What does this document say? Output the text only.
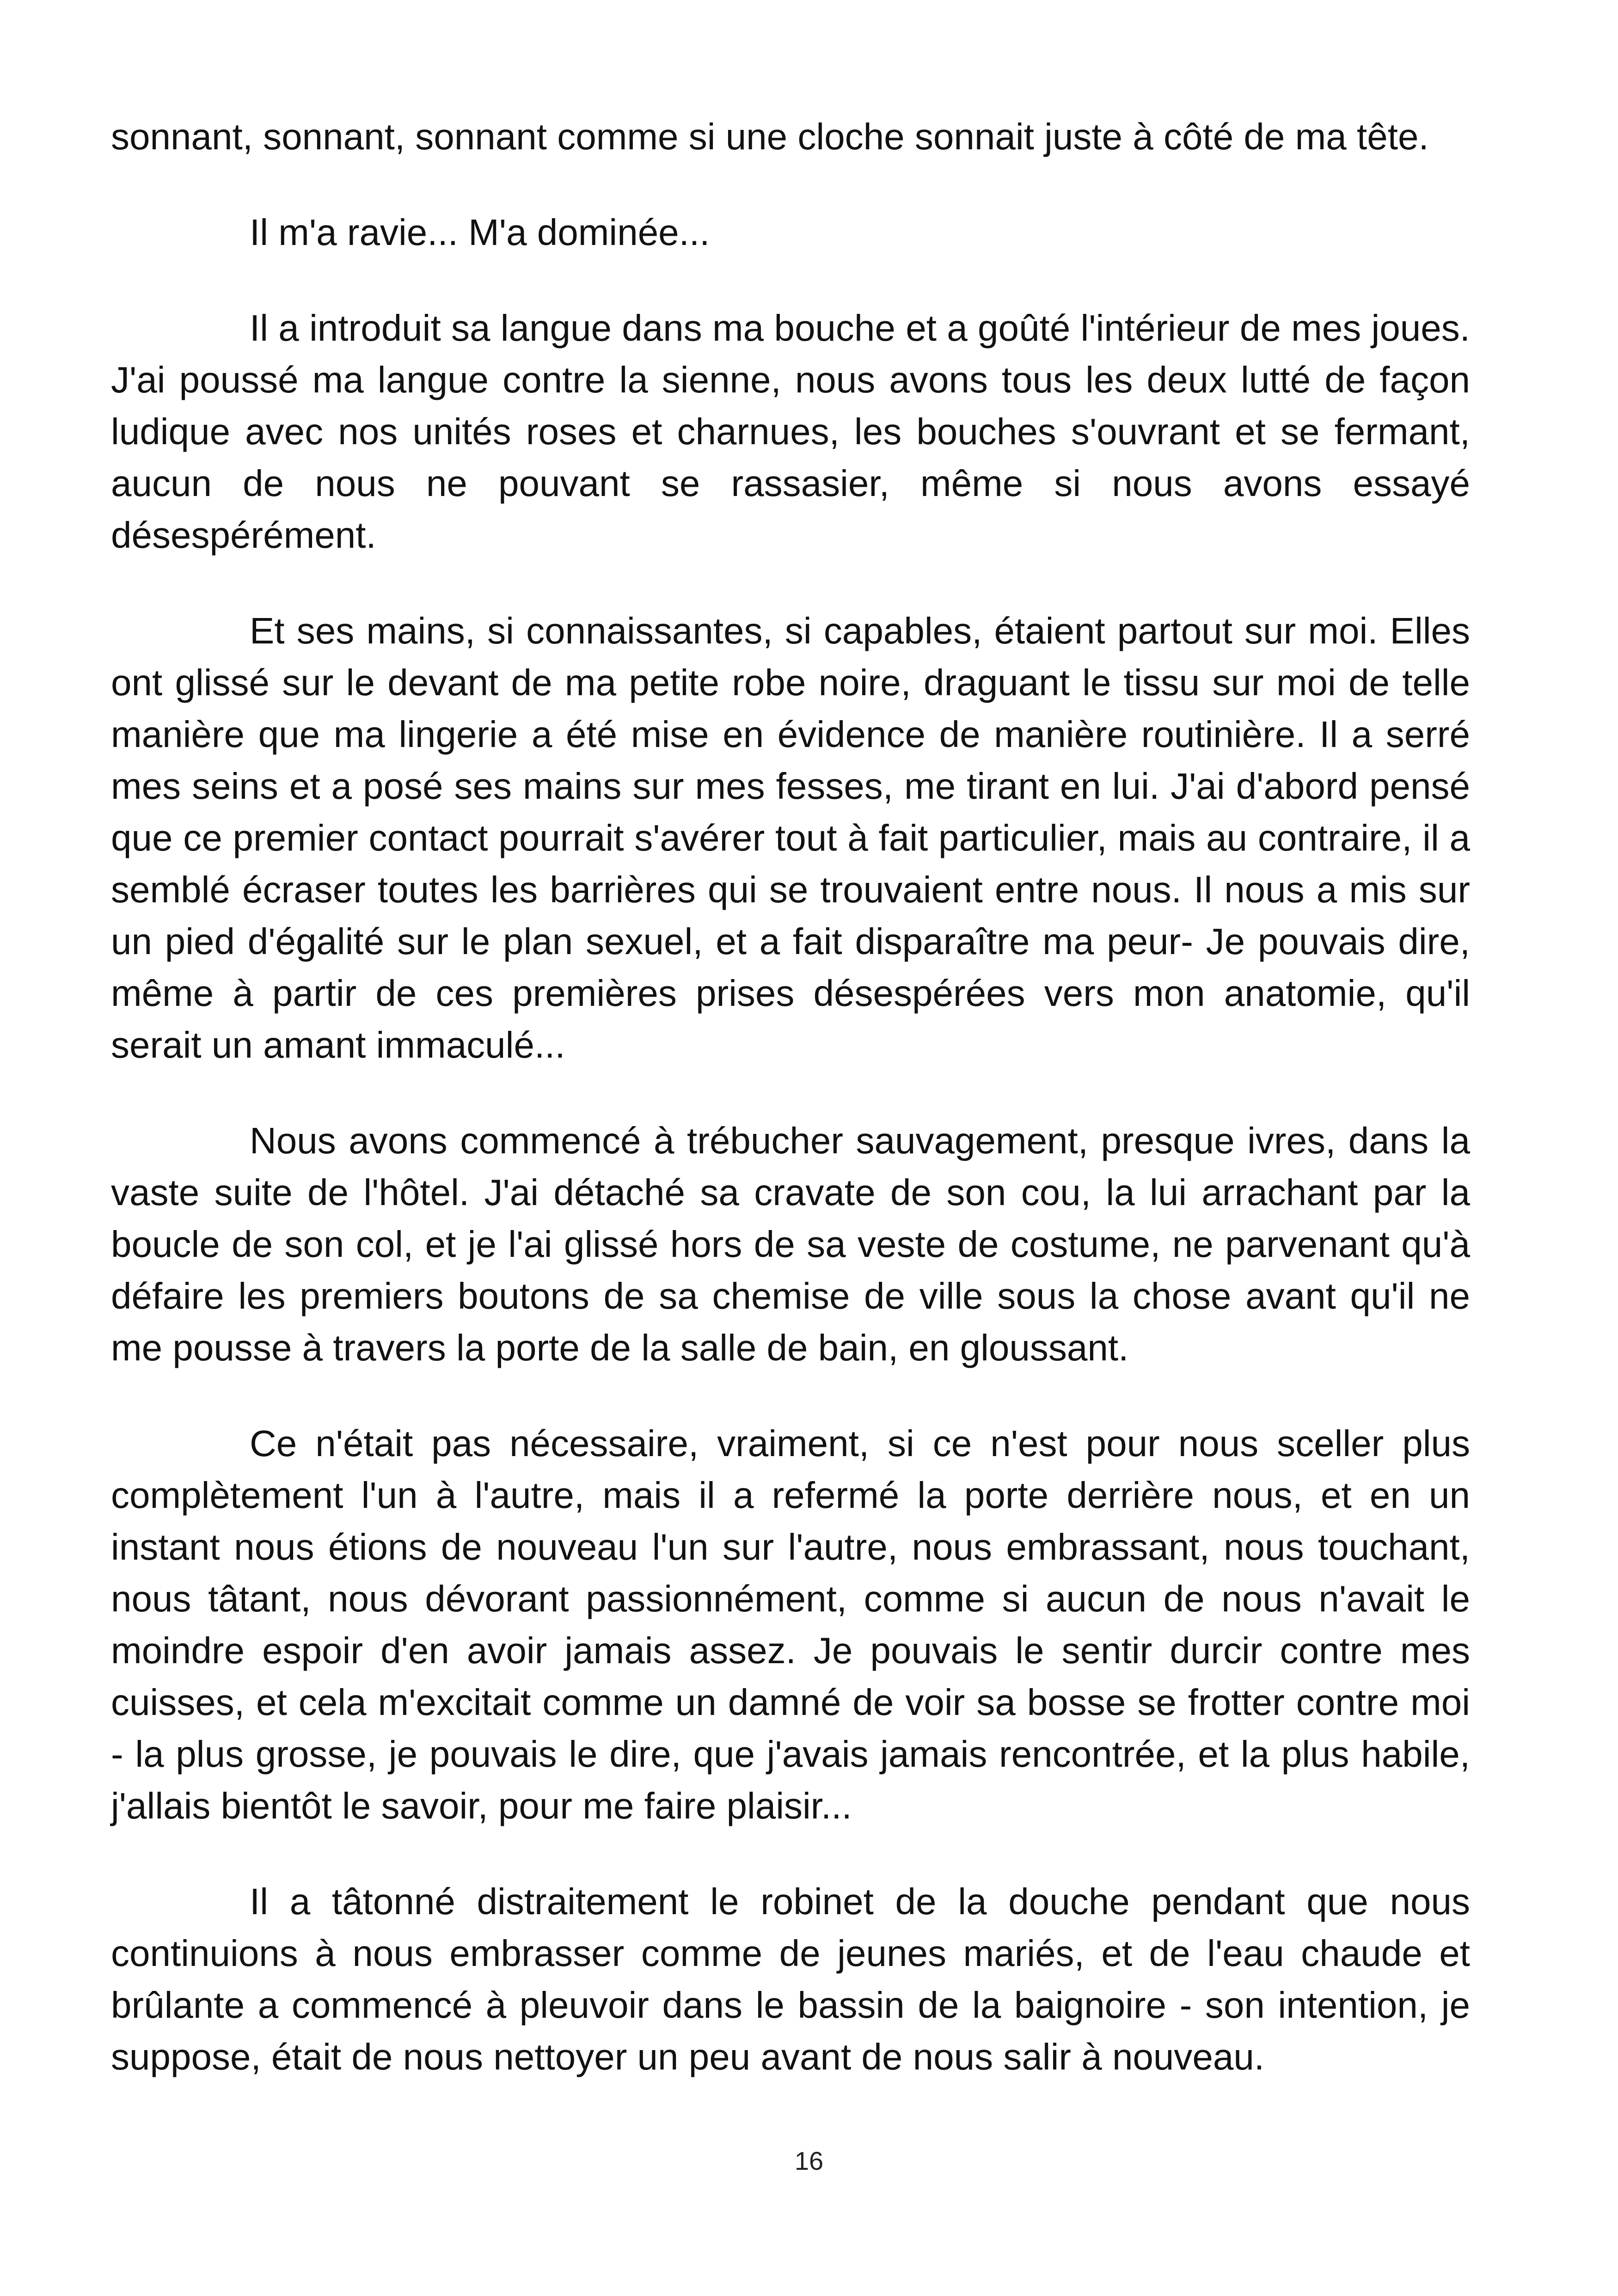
sonnant, sonnant, sonnant comme si une cloche sonnait juste à côté de ma tête.

Il m'a ravie... M'a dominée...

Il a introduit sa langue dans ma bouche et a goûté l'intérieur de mes joues. J'ai poussé ma langue contre la sienne, nous avons tous les deux lutté de façon ludique avec nos unités roses et charnues, les bouches s'ouvrant et se fermant, aucun de nous ne pouvant se rassasier, même si nous avons essayé désespérément.

Et ses mains, si connaissantes, si capables, étaient partout sur moi. Elles ont glissé sur le devant de ma petite robe noire, draguant le tissu sur moi de telle manière que ma lingerie a été mise en évidence de manière routinière. Il a serré mes seins et a posé ses mains sur mes fesses, me tirant en lui. J'ai d'abord pensé que ce premier contact pourrait s'avérer tout à fait particulier, mais au contraire, il a semblé écraser toutes les barrières qui se trouvaient entre nous. Il nous a mis sur un pied d'égalité sur le plan sexuel, et a fait disparaître ma peur- Je pouvais dire, même à partir de ces premières prises désespérées vers mon anatomie, qu'il serait un amant immaculé...

Nous avons commencé à trébucher sauvagement, presque ivres, dans la vaste suite de l'hôtel. J'ai détaché sa cravate de son cou, la lui arrachant par la boucle de son col, et je l'ai glissé hors de sa veste de costume, ne parvenant qu'à défaire les premiers boutons de sa chemise de ville sous la chose avant qu'il ne me pousse à travers la porte de la salle de bain, en gloussant.

Ce n'était pas nécessaire, vraiment, si ce n'est pour nous sceller plus complètement l'un à l'autre, mais il a refermé la porte derrière nous, et en un instant nous étions de nouveau l'un sur l'autre, nous embrassant, nous touchant, nous tâtant, nous dévorant passionnément, comme si aucun de nous n'avait le moindre espoir d'en avoir jamais assez. Je pouvais le sentir durcir contre mes cuisses, et cela m'excitait comme un damné de voir sa bosse se frotter contre moi - la plus grosse, je pouvais le dire, que j'avais jamais rencontrée, et la plus habile, j'allais bientôt le savoir, pour me faire plaisir...

Il a tâtonné distraitement le robinet de la douche pendant que nous continuions à nous embrasser comme de jeunes mariés, et de l'eau chaude et brûlante a commencé à pleuvoir dans le bassin de la baignoire - son intention, je suppose, était de nous nettoyer un peu avant de nous salir à nouveau.

16
